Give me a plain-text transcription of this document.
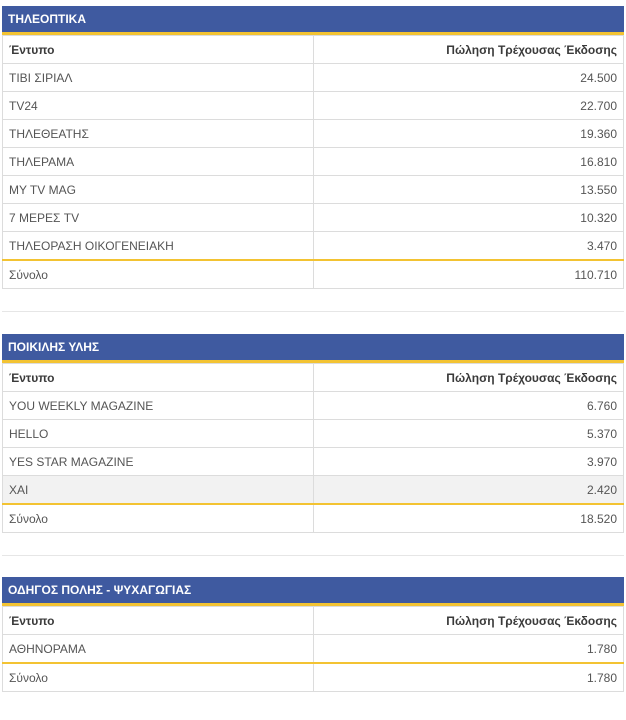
ΤΗΛΕΟΠΤΙΚΑ
Έντυπο	Πώληση Τρέχουσας Έκδοσης
ΤΙΒΙ ΣΙΡΙΑΛ	24.500
TV24	22.700
ΤΗΛΕΘΕΑΤΗΣ	19.360
ΤΗΛΕΡΑΜΑ	16.810
MY TV MAG	13.550
7 ΜΕΡΕΣ TV	10.320
ΤΗΛΕΟΡΑΣΗ ΟΙΚΟΓΕΝΕΙΑΚΗ	3.470
Σύνολο	110.710
ΠΟΙΚΙΛΗΣ ΥΛΗΣ
Έντυπο	Πώληση Τρέχουσας Έκδοσης
YOU WEEKLY MAGAZINE	6.760
HELLO	5.370
YES STAR MAGAZINE	3.970
ΧΑΙ	2.420
Σύνολο	18.520
ΟΔΗΓΟΣ ΠΟΛΗΣ - ΨΥΧΑΓΩΓΙΑΣ
Έντυπο	Πώληση Τρέχουσας Έκδοσης
ΑΘΗΝΟΡΑΜΑ	1.780
Σύνολο	1.780
